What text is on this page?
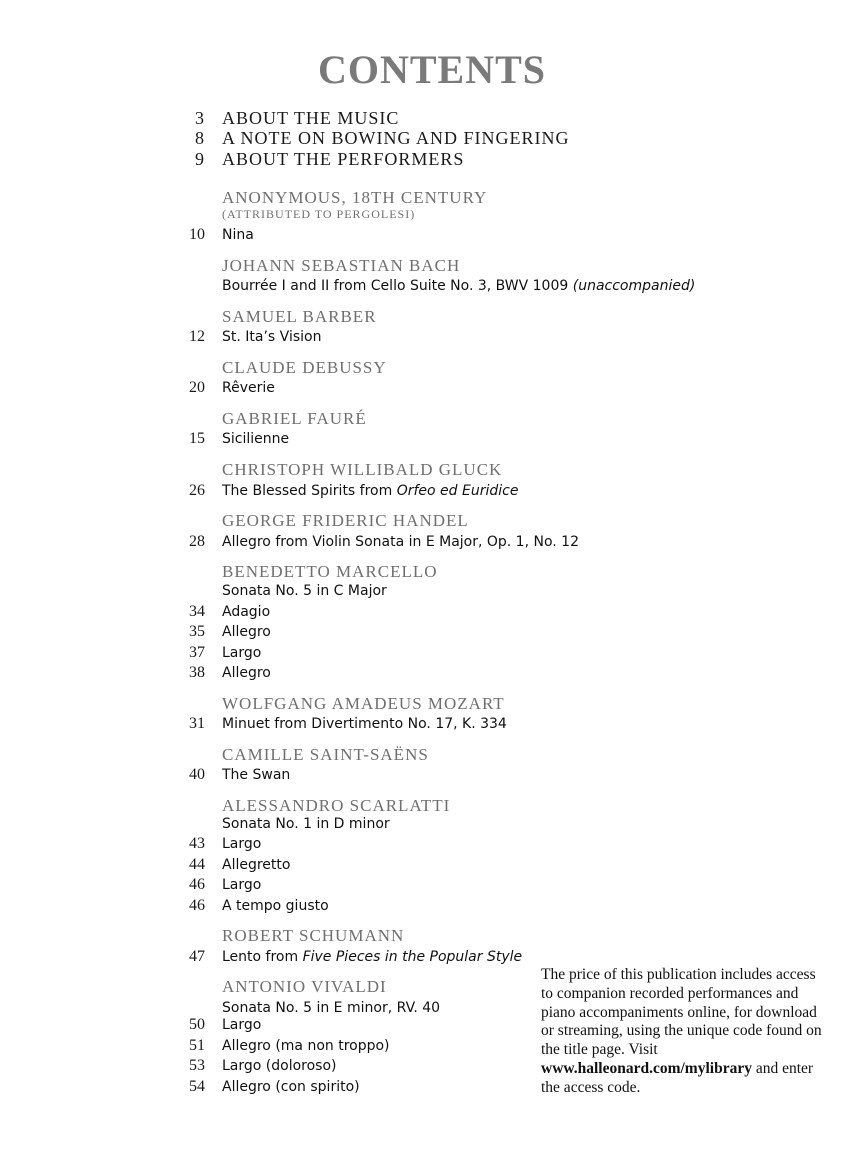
CONTENTS
3 ABOUT THE MUSIC
8 A NOTE ON BOWING AND FINGERING
9 ABOUT THE PERFORMERS
ANONYMOUS, 18TH CENTURY
(ATTRIBUTED TO PERGOLESI)
10 Nina
JOHANN SEBASTIAN BACH
Bourrée I and II from Cello Suite No. 3, BWV 1009 (unaccompanied)
SAMUEL BARBER
12 St. Ita’s Vision
CLAUDE DEBUSSY
20 Rêverie
GABRIEL FAURÉ
15 Sicilienne
CHRISTOPH WILLIBALD GLUCK
26 The Blessed Spirits from Orfeo ed Euridice
GEORGE FRIDERIC HANDEL
28 Allegro from Violin Sonata in E Major, Op. 1, No. 12
BENEDETTO MARCELLO
Sonata No. 5 in C Major
34 Adagio
35 Allegro
37 Largo
38 Allegro
WOLFGANG AMADEUS MOZART
31 Minuet from Divertimento No. 17, K. 334
CAMILLE SAINT-SAËNS
40 The Swan
ALESSANDRO SCARLATTI
Sonata No. 1 in D minor
43 Largo
44 Allegretto
46 Largo
46 A tempo giusto
ROBERT SCHUMANN
47 Lento from Five Pieces in the Popular Style
ANTONIO VIVALDI
Sonata No. 5 in E minor, RV. 40
50 Largo
51 Allegro (ma non troppo)
53 Largo (doloroso)
54 Allegro (con spirito)
The price of this publication includes access to companion recorded performances and piano accompaniments online, for download or streaming, using the unique code found on the title page. Visit www.halleonard.com/mylibrary and enter the access code.
